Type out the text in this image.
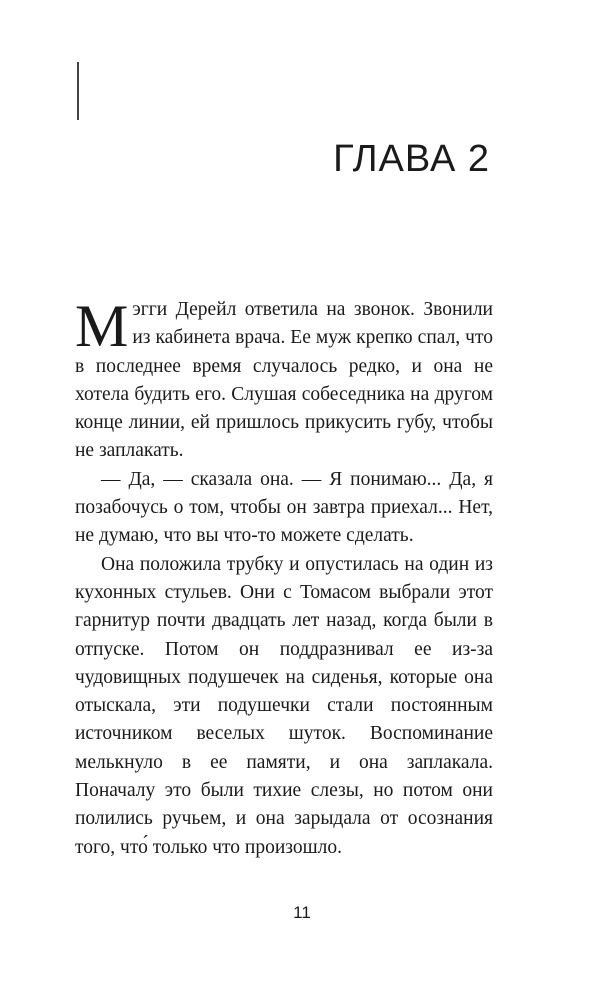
ГЛАВА 2

Мэгги Дерейл ответила на звонок. Звонили из кабинета врача. Ее муж крепко спал, что в последнее время случалось редко, и она не хотела будить его. Слушая собеседника на другом конце линии, ей пришлось прикусить губу, чтобы не заплакать.

— Да, — сказала она. — Я понимаю... Да, я позабочусь о том, чтобы он завтра приехал... Нет, не думаю, что вы что-то можете сделать.

Она положила трубку и опустилась на один из кухонных стульев. Они с Томасом выбрали этот гарнитур почти двадцать лет назад, когда были в отпуске. Потом он поддразнивал ее из-за чудовищных подушечек на сиденья, которые она отыскала, эти подушечки стали постоянным источником веселых шуток. Воспоминание мелькнуло в ее памяти, и она заплакала. Поначалу это были тихие слезы, но потом они полились ручьем, и она зарыдала от осознания того, что́ только что произошло.

11
